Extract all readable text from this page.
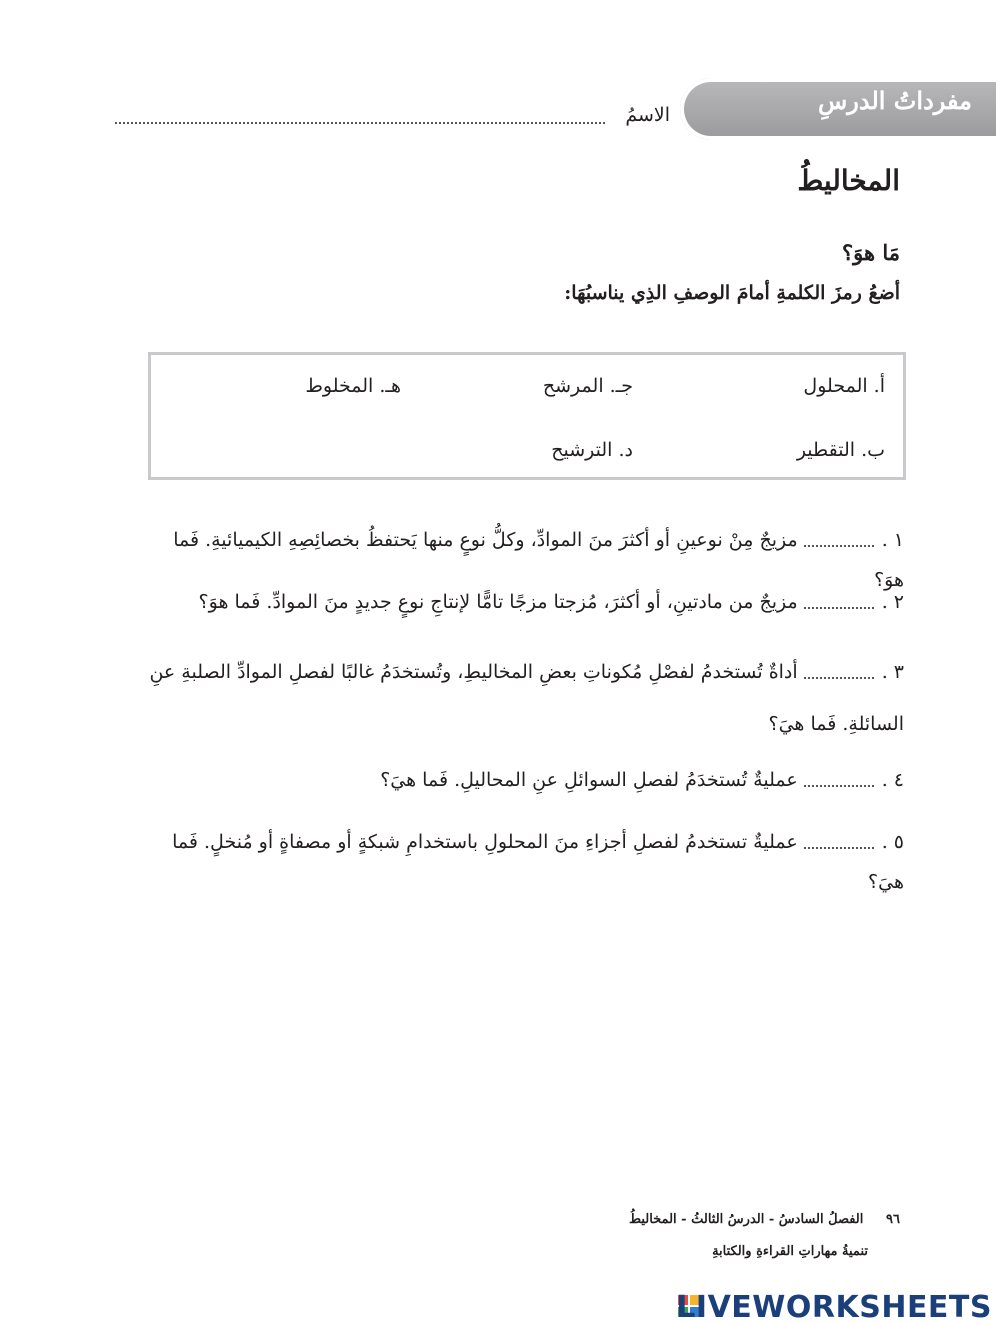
مفرداتُ الدرسِ
الاسمُ
المخاليطُ
مَا هوَ؟
أضعُ رمزَ الكلمةِ أمامَ الوصفِ الذِي يناسبُهَا:
أ. المحلول
جـ. المرشح
هـ. المخلوط
ب. التقطير
د. الترشيح
١ .مزيجٌ مِنْ نوعينِ أو أكثرَ منَ الموادِّ، وكلُّ نوعٍ منها يَحتفظُ بخصائِصِهِ الكيميائيةِ. فَما هوَ؟
٢ .مزيجٌ من مادتينِ، أو أكثرَ، مُزجتا مزجًا تامًّا لإنتاجِ نوعٍ جديدٍ منَ الموادِّ. فَما هوَ؟
٣ .أداةٌ تُستخدمُ لفصْلِ مُكوناتِ بعضِ المخاليطِ، وتُستخدَمُ غالبًا لفصلِ الموادِّ الصلبةِ عنِ السائلةِ. فَما هيَ؟
٤ .عمليةٌ تُستخدَمُ لفصلِ السوائلِ عنِ المحاليلِ. فَما هيَ؟
٥ .عمليةٌ تستخدمُ لفصلِ أجزاءِ منَ المحلولِ باستخدامِ شبكةٍ أو مصفاةٍ أو مُنخلٍ. فَما هيَ؟
٩٦     الفصلُ السادسُ - الدرسُ الثالثُ - المخاليطُ
تنميةُ مهاراتِ القراءةِ والكتابةِ
LIVEWORKSHEETS
